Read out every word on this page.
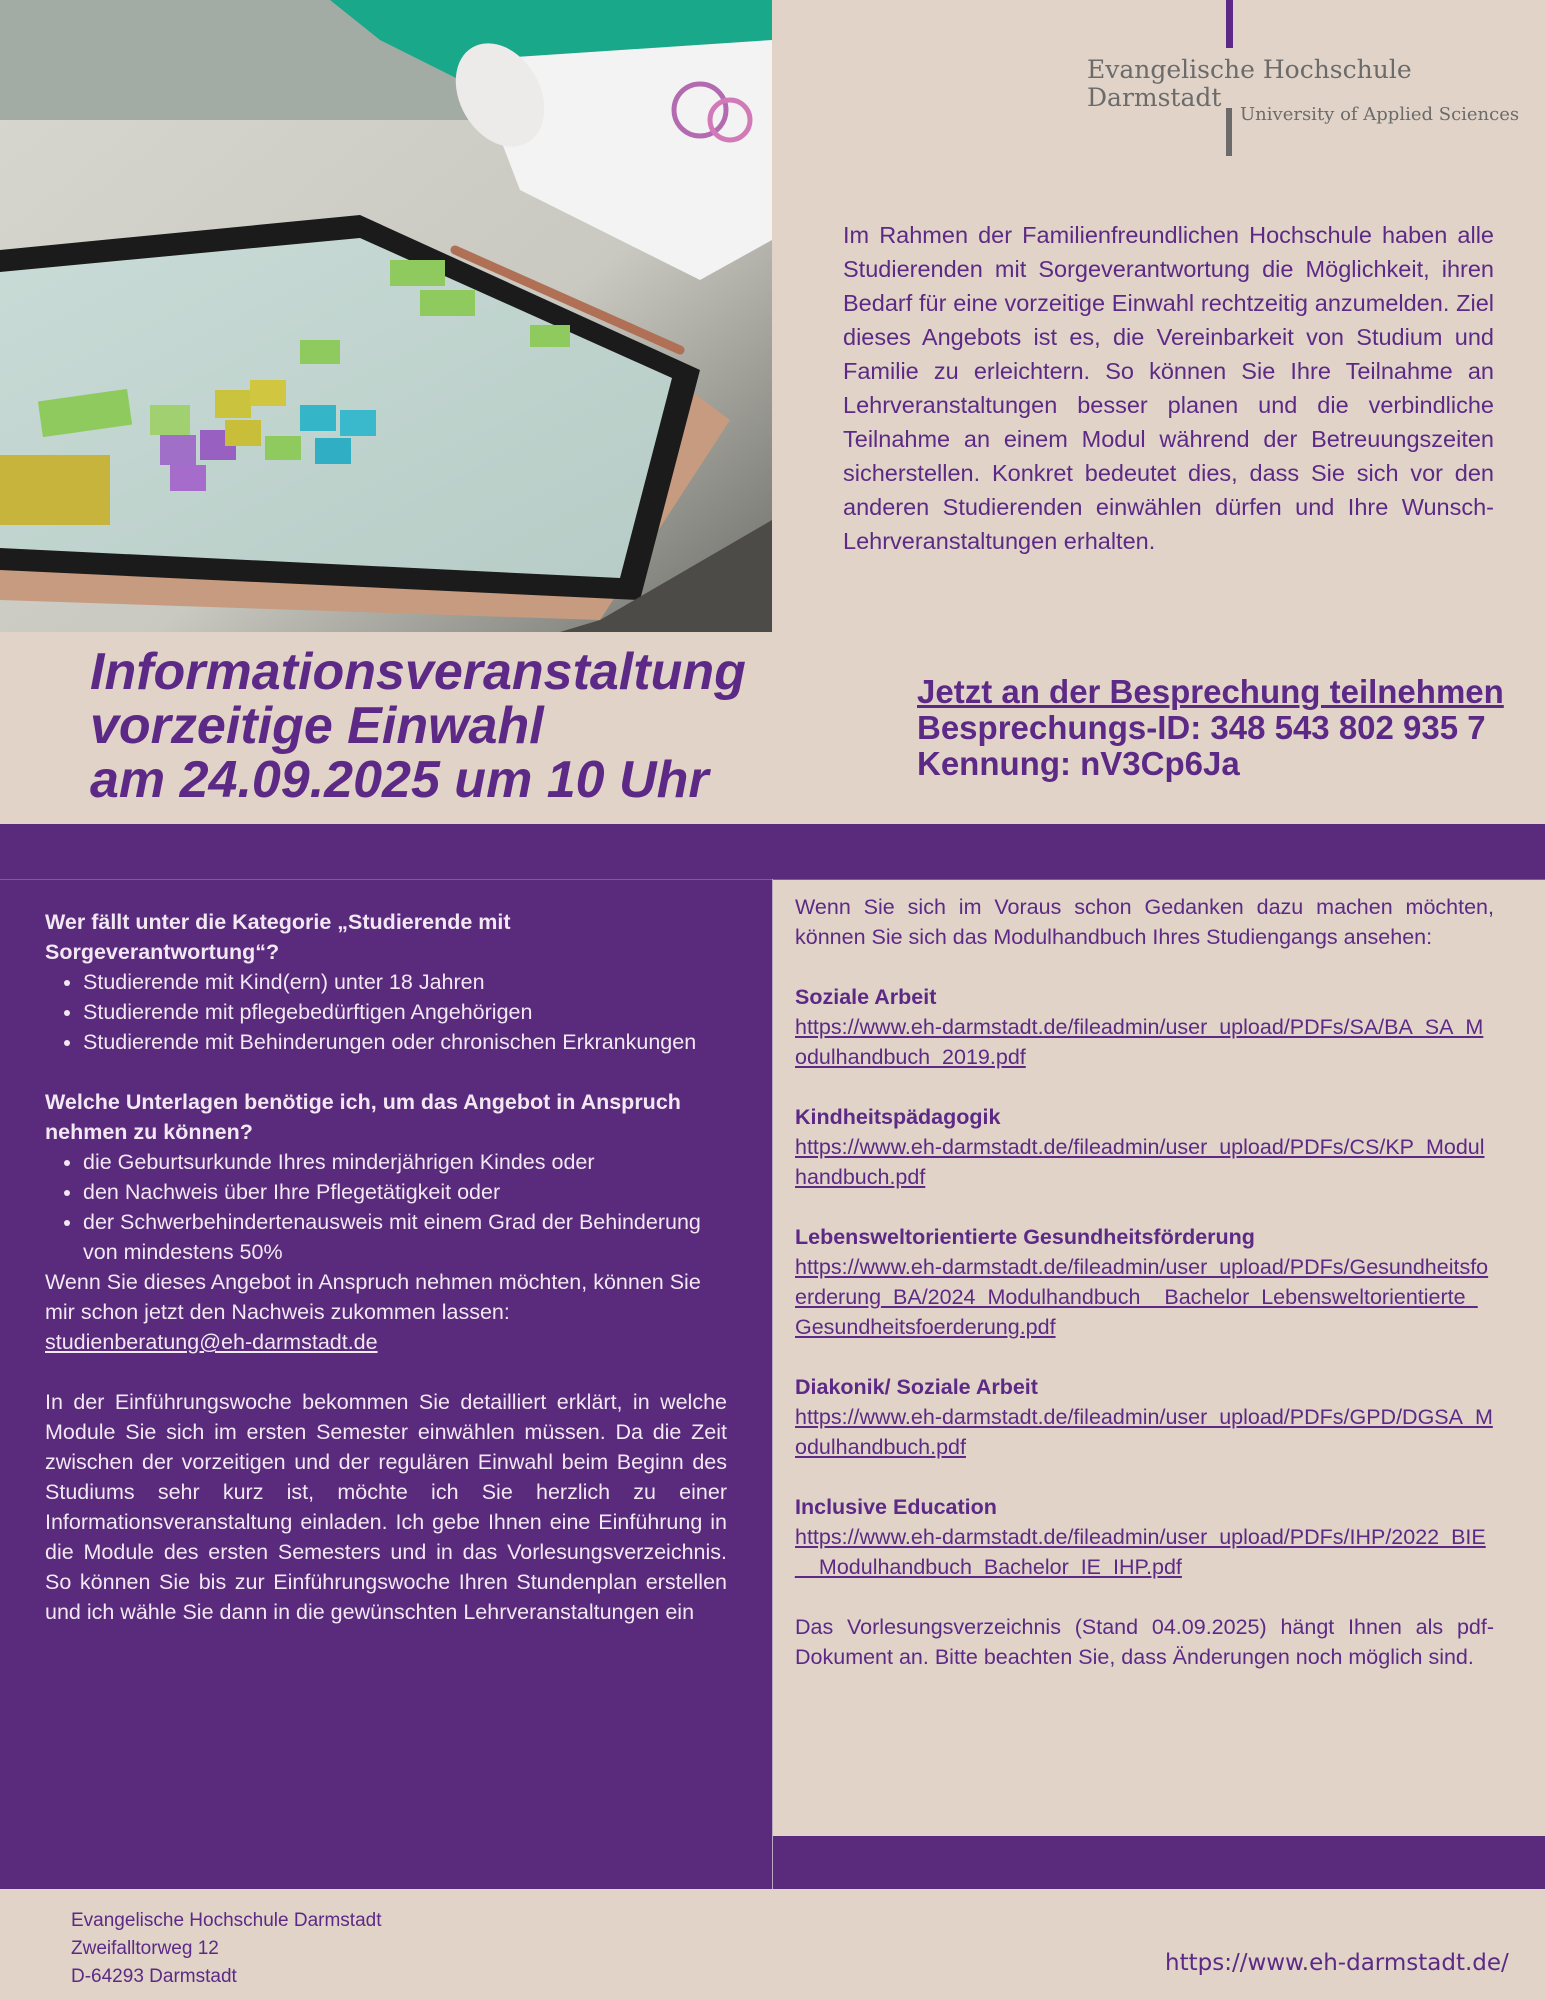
Evangelische Hochschule
Darmstadt
University of Applied Sciences

Im Rahmen der Familienfreundlichen Hochschule haben alle Studierenden mit Sorgeverantwortung die Möglichkeit, ihren Bedarf für eine vorzeitige Einwahl rechtzeitig anzumelden. Ziel dieses Angebots ist es, die Vereinbarkeit von Studium und Familie zu erleichtern. So können Sie Ihre Teilnahme an Lehrveranstaltungen besser planen und die verbindliche Teilnahme an einem Modul während der Betreuungszeiten sicherstellen. Konkret bedeutet dies, dass Sie sich vor den anderen Studierenden einwählen dürfen und Ihre Wunsch-Lehrveranstaltungen erhalten.

Informationsveranstaltung
vorzeitige Einwahl
am 24.09.2025 um 10 Uhr
Jetzt an der Besprechung teilnehmen
Besprechungs-ID: 348 543 802 935 7
Kennung: nV3Cp6Ja
Wer fällt unter die Kategorie „Studierende mit Sorgeverantwortung“?
• Studierende mit Kind(ern) unter 18 Jahren
• Studierende mit pflegebedürftigen Angehörigen
• Studierende mit Behinderungen oder chronischen Erkrankungen
Welche Unterlagen benötige ich, um das Angebot in Anspruch nehmen zu können?
• die Geburtsurkunde Ihres minderjährigen Kindes oder
• den Nachweis über Ihre Pflegetätigkeit oder
• der Schwerbehindertenausweis mit einem Grad der Behinderung von mindestens 50%

Wenn Sie dieses Angebot in Anspruch nehmen möchten, können Sie mir schon jetzt den Nachweis zukommen lassen:

studienberatung@eh-darmstadt.de

In der Einführungswoche bekommen Sie detailliert erklärt, in welche Module Sie sich im ersten Semester einwählen müssen. Da die Zeit zwischen der vorzeitigen und der regulären Einwahl beim Beginn des Studiums sehr kurz ist, möchte ich Sie herzlich zu einer Informationsveranstaltung einladen. Ich gebe Ihnen eine Einführung in die Module des ersten Semesters und in das Vorlesungsverzeichnis. So können Sie bis zur Einführungswoche Ihren Stundenplan erstellen und ich wähle Sie dann in die gewünschten Lehrveranstaltungen ein

Wenn Sie sich im Voraus schon Gedanken dazu machen möchten, können Sie sich das Modulhandbuch Ihres Studiengangs ansehen:

Soziale Arbeit
https://www.eh-darmstadt.de/fileadmin/user_upload/PDFs/SA/BA_SA_Modulhandbuch_2019.pdf
Kindheitspädagogik
https://www.eh-darmstadt.de/fileadmin/user_upload/PDFs/CS/KP_Modulhandbuch.pdf
Lebensweltorientierte Gesundheitsförderung
https://www.eh-darmstadt.de/fileadmin/user_upload/PDFs/Gesundheitsfoerderung_BA/2024_Modulhandbuch__Bachelor_Lebensweltorientierte_Gesundheitsfoerderung.pdf
Diakonik/ Soziale Arbeit
https://www.eh-darmstadt.de/fileadmin/user_upload/PDFs/GPD/DGSA_Modulhandbuch.pdf
Inclusive Education
https://www.eh-darmstadt.de/fileadmin/user_upload/PDFs/IHP/2022_BIE__Modulhandbuch_Bachelor_IE_IHP.pdf

Das Vorlesungsverzeichnis (Stand 04.09.2025) hängt Ihnen als pdf-Dokument an. Bitte beachten Sie, dass Änderungen noch möglich sind.

Evangelische Hochschule Darmstadt
Zweifalltorweg 12
D-64293 Darmstadt
https://www.eh-darmstadt.de/
